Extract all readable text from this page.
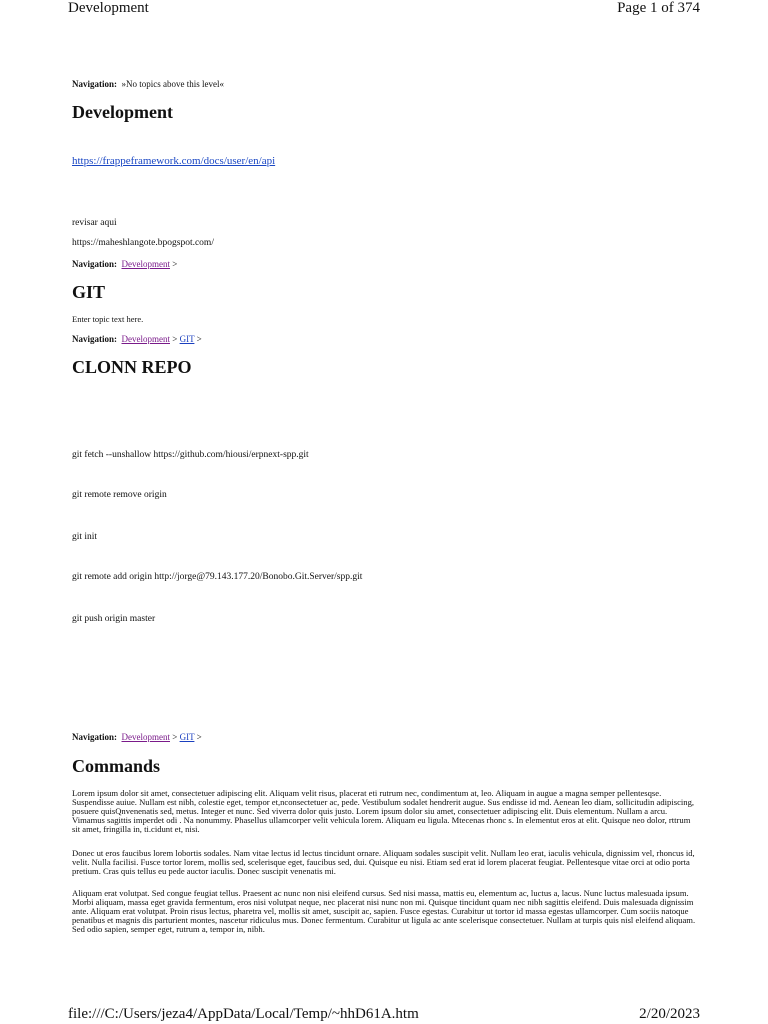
Development	Page 1 of 374
Navigation: »No topics above this level«
Development
https://frappeframework.com/docs/user/en/api
revisar aqui
https://maheshlangote.bpogspot.com/
Navigation: Development >
GIT
Enter topic text here.
Navigation: Development > GIT >
CLONN REPO
git fetch --unshallow https://github.com/hiousi/erpnext-spp.git
git remote remove origin
git init
git remote add origin http://jorge@79.143.177.20/Bonobo.Git.Server/spp.git
git push origin master
Navigation: Development > GIT >
Commands
Lorem ipsum dolor sit amet, consectetuer adipiscing elit. Aliquam velit risus, placerat eti rutrum nec, condimentum at, leo. Aliquam in augue a magna semper pellentesqse. Suspendisse auiue. Nullam est nibh, colestie eget, tempor et,nconsectetuer ac, pede. Vestibulum sodalet hendrerit augue. Sus endisse id md. Aenean leo diam, sollicitudin adipiscing, posuere quisQnvenenatis sed, metus. Integer et nunc. Sed viverra dolor quis justo. Lorem ipsum dolor siu amet, consectetuer adipiscing elit. Duis elementum. Nullam a arcu. Vimamus sagittis imperdet odi . Na nonummy. Phasellus ullamcorper velit vehicula lorem. Aliquam eu ligula. Mtecenas rhonc s. In elementut eros at elit. Quisque neo dolor, rttrum sit amet, fringilla in, ti.cidunt et, nisi.
Donec ut eros faucibus lorem lobortis sodales. Nam vitae lectus id lectus tincidunt ornare. Aliquam sodales suscipit velit. Nullam leo erat, iaculis vehicula, dignissim vel, rhoncus id, velit. Nulla facilisi. Fusce tortor lorem, mollis sed, scelerisque eget, faucibus sed, dui. Quisque eu nisi. Etiam sed erat id lorem placerat feugiat. Pellentesque vitae orci at odio porta pretium. Cras quis tellus eu pede auctor iaculis. Donec suscipit venenatis mi.
Aliquam erat volutpat. Sed congue feugiat tellus. Praesent ac nunc non nisi eleifend cursus. Sed nisi massa, mattis eu, elementum ac, luctus a, lacus. Nunc luctus malesuada ipsum. Morbi aliquam, massa eget gravida fermentum, eros nisi volutpat neque, nec placerat nisi nunc non mi. Quisque tincidunt quam nec nibh sagittis eleifend. Duis malesuada dignissim ante. Aliquam erat volutpat. Proin risus lectus, pharetra vel, mollis sit amet, suscipit ac, sapien. Fusce egestas. Curabitur ut tortor id massa egestas ullamcorper. Cum sociis natoque penatibus et magnis dis parturient montes, nascetur ridiculus mus. Donec fermentum. Curabitur ut ligula ac ante scelerisque consectetuer. Nullam at turpis quis nisl eleifend aliquam. Sed odio sapien, semper eget, rutrum a, tempor in, nibh.
file:///C:/Users/jeza4/AppData/Local/Temp/~hhD61A.htm	2/20/2023
